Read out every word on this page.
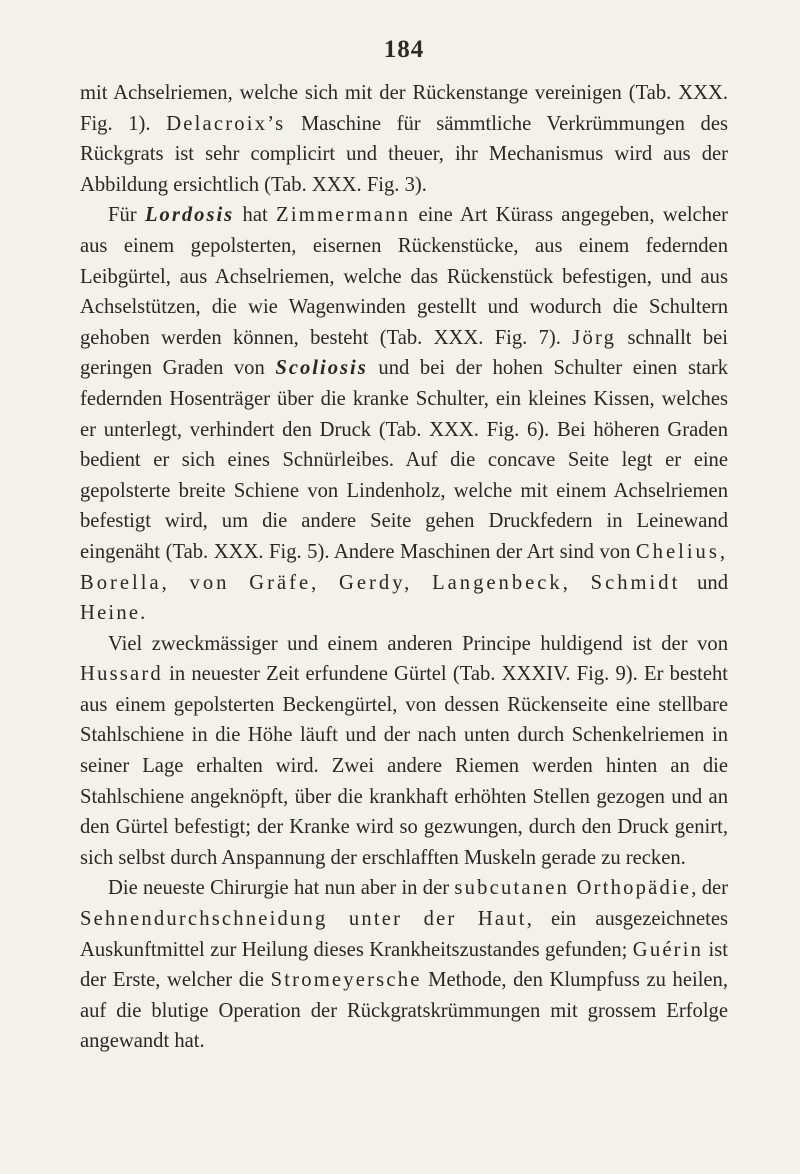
184

mit Achselriemen, welche sich mit der Rückenstange vereinigen (Tab. XXX. Fig. 1). Delacroix’s Maschine für sämmtliche Verkrümmungen des Rückgrats ist sehr complicirt und theuer, ihr Mechanismus wird aus der Abbildung ersichtlich (Tab. XXX. Fig. 3).

Für Lordosis hat Zimmermann eine Art Kürass angegeben, welcher aus einem gepolsterten, eisernen Rückenstücke, aus einem federnden Leibgürtel, aus Achselriemen, welche das Rückenstück befestigen, und aus Achselstützen, die wie Wagenwinden gestellt und wodurch die Schultern gehoben werden können, besteht (Tab. XXX. Fig. 7). Jörg schnallt bei geringen Graden von Scoliosis und bei der hohen Schulter einen stark federnden Hosenträger über die kranke Schulter, ein kleines Kissen, welches er unterlegt, verhindert den Druck (Tab. XXX. Fig. 6). Bei höheren Graden bedient er sich eines Schnürleibes. Auf die concave Seite legt er eine gepolsterte breite Schiene von Lindenholz, welche mit einem Achselriemen befestigt wird, um die andere Seite gehen Druckfedern in Leinewand eingenäht (Tab. XXX. Fig. 5). Andere Maschinen der Art sind von Chelius, Borella, von Gräfe, Gerdy, Langenbeck, Schmidt und Heine.

Viel zweckmässiger und einem anderen Principe huldigend ist der von Hussard in neuester Zeit erfundene Gürtel (Tab. XXXIV. Fig. 9). Er besteht aus einem gepolsterten Beckengürtel, von dessen Rückenseite eine stellbare Stahlschiene in die Höhe läuft und der nach unten durch Schenkelriemen in seiner Lage erhalten wird. Zwei andere Riemen werden hinten an die Stahlschiene angeknöpft, über die krankhaft erhöhten Stellen gezogen und an den Gürtel befestigt; der Kranke wird so gezwungen, durch den Druck genirt, sich selbst durch Anspannung der erschlafften Muskeln gerade zu recken.

Die neueste Chirurgie hat nun aber in der subcutanen Orthopädie, der Sehnendurchschneidung unter der Haut, ein ausgezeichnetes Auskunftmittel zur Heilung dieses Krankheitszustandes gefunden; Guérin ist der Erste, welcher die Stromeyersche Methode, den Klumpfuss zu heilen, auf die blutige Operation der Rückgratskrümmungen mit grossem Erfolge angewandt hat.
